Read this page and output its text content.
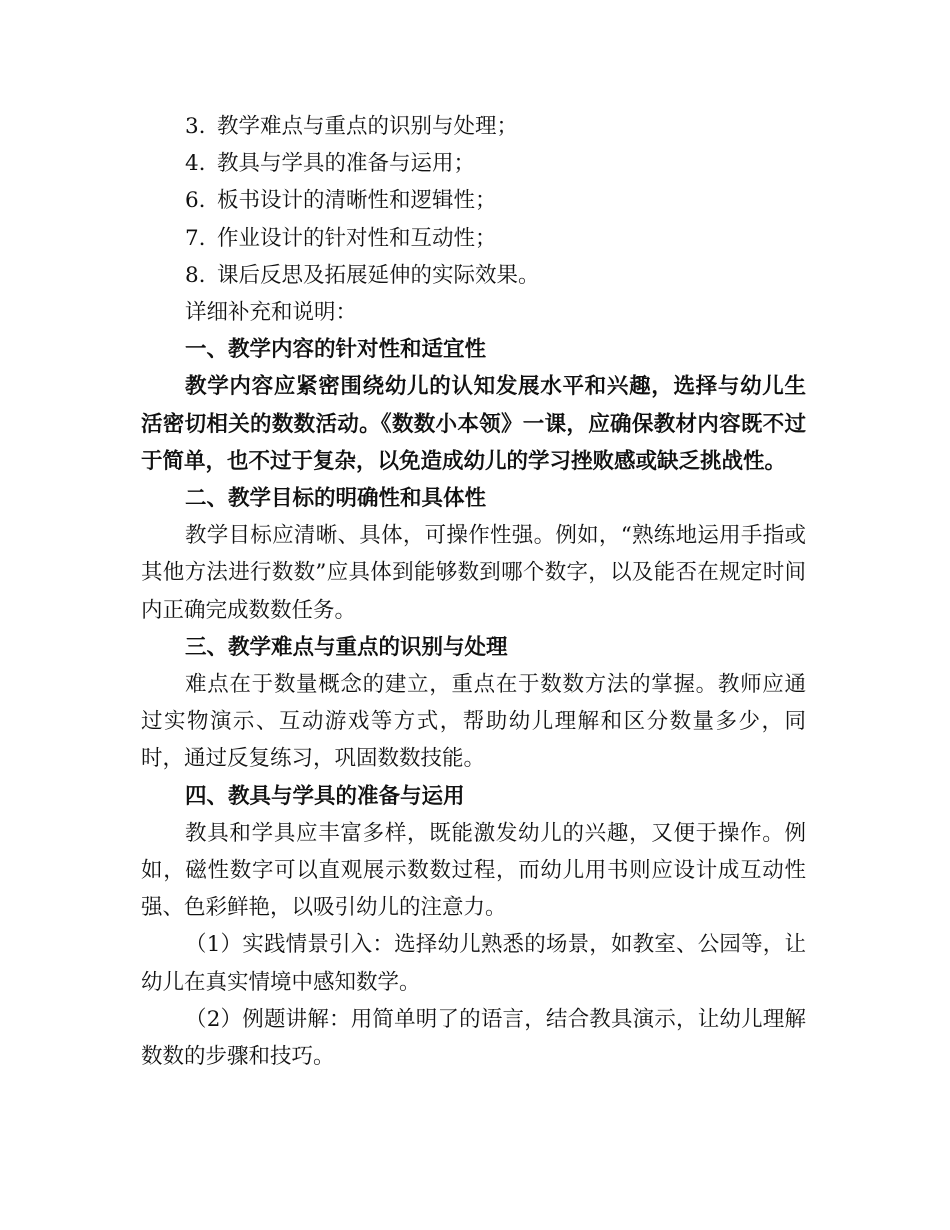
3. 教学难点与重点的识别与处理；
4. 教具与学具的准备与运用；
6. 板书设计的清晰性和逻辑性；
7. 作业设计的针对性和互动性；
8. 课后反思及拓展延伸的实际效果。
详细补充和说明：
一、教学内容的针对性和适宜性

教学内容应紧密围绕幼儿的认知发展水平和兴趣，选择与幼儿生活密切相关的数数活动。《数数小本领》一课，应确保教材内容既不过于简单，也不过于复杂，以免造成幼儿的学习挫败感或缺乏挑战性。

二、教学目标的明确性和具体性

教学目标应清晰、具体，可操作性强。例如，“熟练地运用手指或其他方法进行数数”应具体到能够数到哪个数字，以及能否在规定时间内正确完成数数任务。

三、教学难点与重点的识别与处理

难点在于数量概念的建立，重点在于数数方法的掌握。教师应通过实物演示、互动游戏等方式，帮助幼儿理解和区分数量多少，同时，通过反复练习，巩固数数技能。

四、教具与学具的准备与运用

教具和学具应丰富多样，既能激发幼儿的兴趣，又便于操作。例如，磁性数字可以直观展示数数过程，而幼儿用书则应设计成互动性强、色彩鲜艳，以吸引幼儿的注意力。

（1）实践情景引入：选择幼儿熟悉的场景，如教室、公园等，让幼儿在真实情境中感知数学。

（2）例题讲解：用简单明了的语言，结合教具演示，让幼儿理解数数的步骤和技巧。
